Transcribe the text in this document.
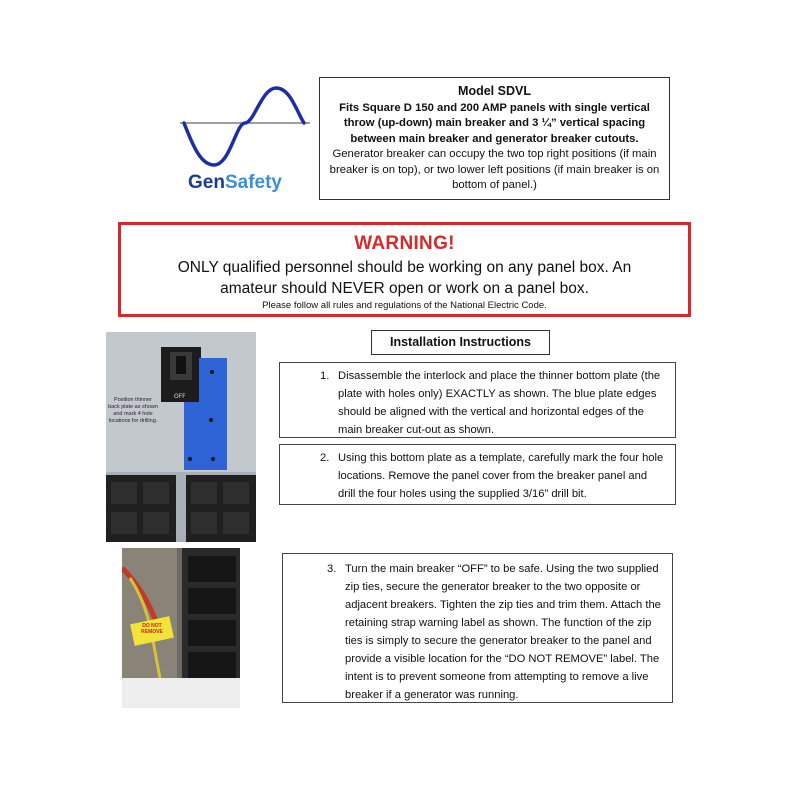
GenSafety
Model SDVL
Fits Square D 150 and 200 AMP panels with single vertical throw (up-down) main breaker and 3 ¼” vertical spacing between main breaker and generator breaker cutouts.
Generator breaker can occupy the two top right positions (if main breaker is on top), or two lower left positions (if main breaker is on bottom of panel.)
WARNING!
ONLY qualified personnel should be working on any panel box. An
amateur should NEVER open or work on a panel box.
Please follow all rules and regulations of the National Electric Code.
OFF
Position thinner back plate as shown and mark 4 hole locations for drilling.
Installation Instructions
1. Disassemble the interlock and place the thinner bottom plate (the plate with holes only) EXACTLY as shown. The blue plate edges should be aligned with the vertical and horizontal edges of the main breaker cut-out as shown.
2. Using this bottom plate as a template, carefully mark the four hole locations. Remove the panel cover from the breaker panel and drill the four holes using the supplied 3/16” drill bit.
DO NOT REMOVE
3. Turn the main breaker “OFF” to be safe. Using the two supplied zip ties, secure the generator breaker to the two opposite or adjacent breakers. Tighten the zip ties and trim them. Attach the retaining strap warning label as shown. The function of the zip ties is simply to secure the generator breaker to the panel and provide a visible location for the “DO NOT REMOVE” label. The intent is to prevent someone from attempting to remove a live breaker if a generator was running.
